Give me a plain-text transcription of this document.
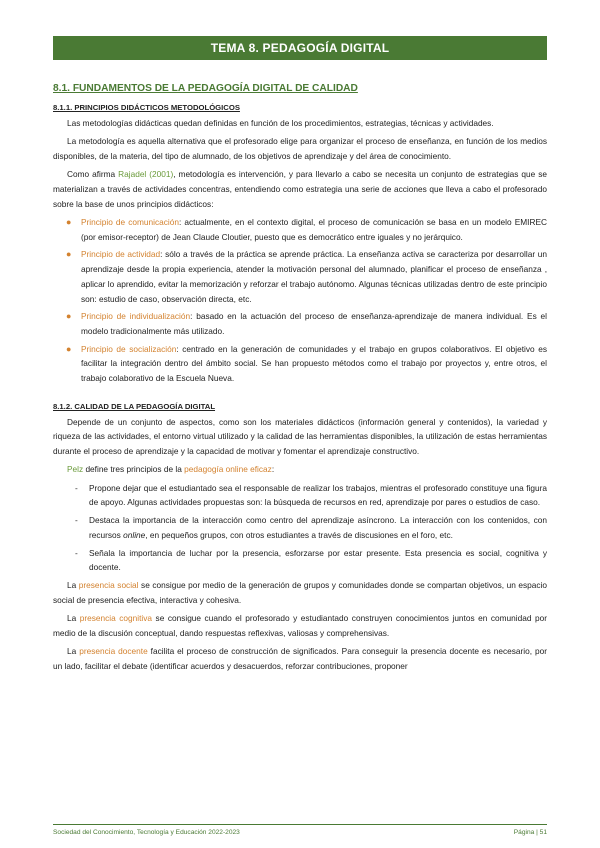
TEMA 8. PEDAGOGÍA DIGITAL
8.1. FUNDAMENTOS DE LA PEDAGOGÍA DIGITAL DE CALIDAD
8.1.1. PRINCIPIOS DIDÁCTICOS METODOLÓGICOS

Las metodologías didácticas quedan definidas en función de los procedimientos, estrategias, técnicas y actividades.

La metodología es aquella alternativa que el profesorado elige para organizar el proceso de enseñanza, en función de los medios disponibles, de la materia, del tipo de alumnado, de los objetivos de aprendizaje y del área de conocimiento.

Como afirma Rajadel (2001), metodología es intervención, y para llevarlo a cabo se necesita un conjunto de estrategias que se materializan a través de actividades concentras, entendiendo como estrategia una serie de acciones que lleva a cabo el profesorado sobre la base de unos principios didácticos:

● Principio de comunicación: actualmente, en el contexto digital, el proceso de comunicación se basa en un modelo EMIREC (por emisor-receptor) de Jean Claude Cloutier, puesto que es democrático entre iguales y no jerárquico.
● Principio de actividad: sólo a través de la práctica se aprende práctica. La enseñanza activa se caracteriza por desarrollar un aprendizaje desde la propia experiencia, atender la motivación personal del alumnado, planificar el proceso de enseñanza , aplicar lo aprendido, evitar la memorización y reforzar el trabajo autónomo. Algunas técnicas utilizadas dentro de este principio son: estudio de caso, observación directa, etc.
● Principio de individualización: basado en la actuación del proceso de enseñanza-aprendizaje de manera individual. Es el modelo tradicionalmente más utilizado.
● Principio de socialización: centrado en la generación de comunidades y el trabajo en grupos colaborativos. El objetivo es facilitar la integración dentro del ámbito social. Se han propuesto métodos como el trabajo por proyectos y, entre otros, el trabajo colaborativo de la Escuela Nueva.
8.1.2. CALIDAD DE LA PEDAGOGÍA DIGITAL

Depende de un conjunto de aspectos, como son los materiales didácticos (información general y contenidos), la variedad y riqueza de las actividades, el entorno virtual utilizado y la calidad de las herramientas disponibles, la utilización de estas herramientas durante el proceso de aprendizaje y la capacidad de motivar y fomentar el aprendizaje constructivo.

Pelz define tres principios de la pedagogía online eficaz:

- Propone dejar que el estudiantado sea el responsable de realizar los trabajos, mientras el profesorado constituye una figura de apoyo. Algunas actividades propuestas son: la búsqueda de recursos en red, aprendizaje por pares o estudios de caso.
- Destaca la importancia de la interacción como centro del aprendizaje asíncrono. La interacción con los contenidos, con recursos online, en pequeños grupos, con otros estudiantes a través de discusiones en el foro, etc.
- Señala la importancia de luchar por la presencia, esforzarse por estar presente. Esta presencia es social, cognitiva y docente.

La presencia social se consigue por medio de la generación de grupos y comunidades donde se compartan objetivos, un espacio social de presencia efectiva, interactiva y cohesiva.

La presencia cognitiva se consigue cuando el profesorado y estudiantado construyen conocimientos juntos en comunidad por medio de la discusión conceptual, dando respuestas reflexivas, valiosas y comprehensivas.

La presencia docente facilita el proceso de construcción de significados. Para conseguir la presencia docente es necesario, por un lado, facilitar el debate (identificar acuerdos y desacuerdos, reforzar contribuciones, proponer

Sociedad del Conocimiento, Tecnología y Educación 2022-2023	Página | 51
